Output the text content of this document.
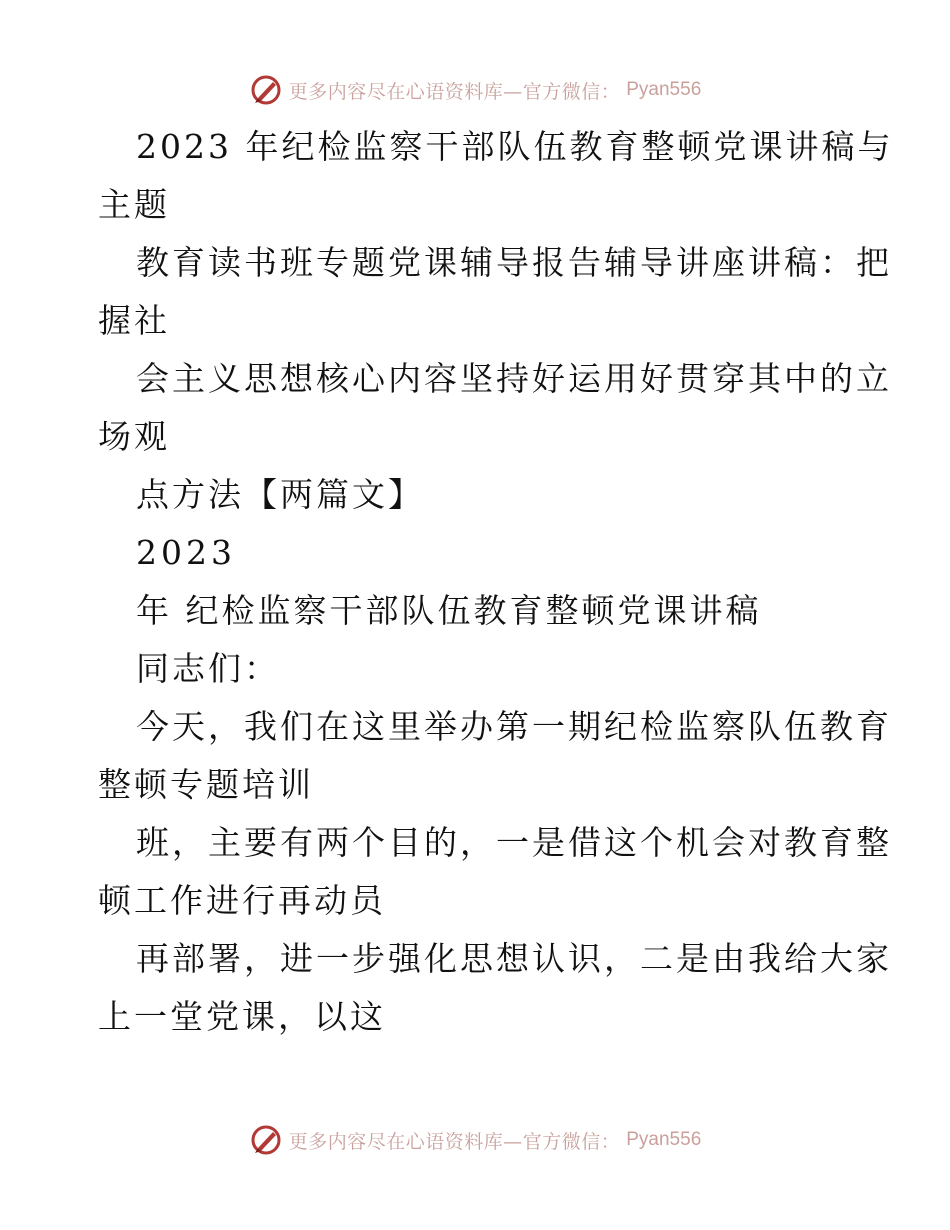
更多内容尽在心语资料库—官方微信： Pyan556
2023 年纪检监察干部队伍教育整顿党课讲稿与
主题
教育读书班专题党课辅导报告辅导讲座讲稿：把
握社
会主义思想核心内容坚持好运用好贯穿其中的立
场观
点方法【两篇文】
2023
年 纪检监察干部队伍教育整顿党课讲稿
同志们：
今天，我们在这里举办第一期纪检监察队伍教育
整顿专题培训
班，主要有两个目的，一是借这个机会对教育整
顿工作进行再动员
再部署，进一步强化思想认识，二是由我给大家
上一堂党课，以这
更多内容尽在心语资料库—官方微信： Pyan556
